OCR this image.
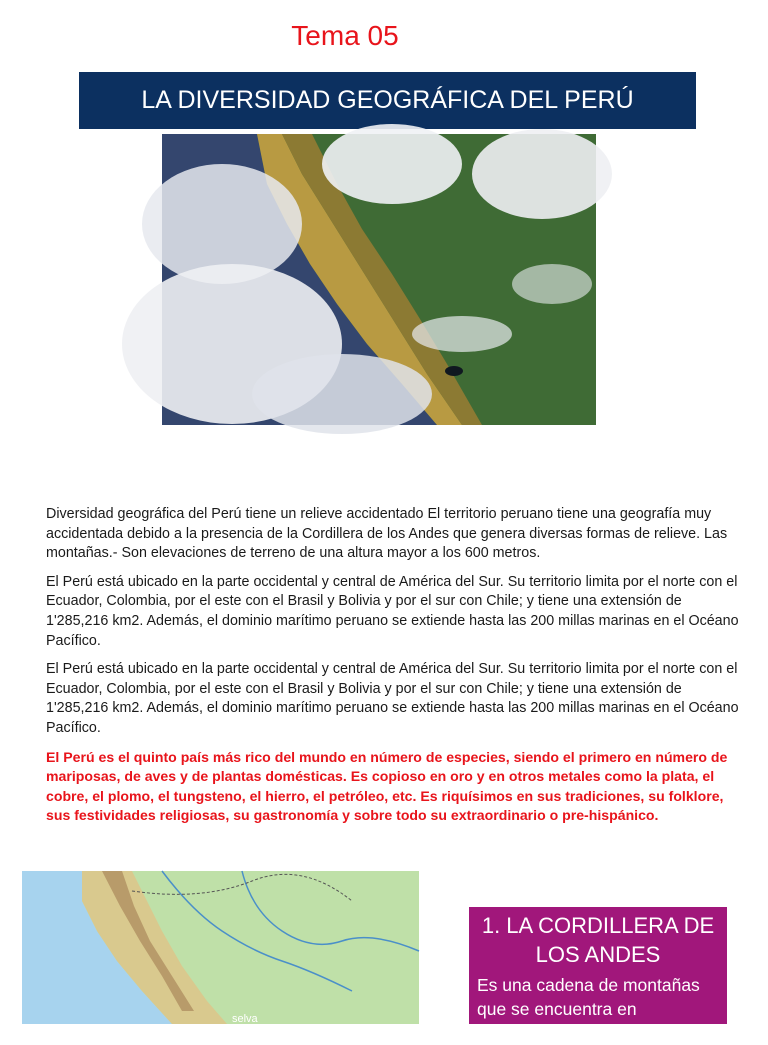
Tema 05
LA DIVERSIDAD GEOGRÁFICA DEL PERÚ

Diversidad geográfica del Perú tiene un relieve accidentado El territorio peruano tiene una geografía muy accidentada debido a la presencia de la Cordillera de los Andes que genera diversas formas de relieve. Las montañas.- Son elevaciones de terreno de una altura mayor a los 600 metros.

El Perú está ubicado en la parte occidental y central de América del Sur. Su territorio limita por el norte con el Ecuador, Colombia, por el este con el Brasil y Bolivia y por el sur con Chile; y tiene una extensión de 1'285,216 km2. Además, el dominio marítimo peruano se extiende hasta las 200 millas marinas en el Océano Pacífico.

El Perú está ubicado en la parte occidental y central de América del Sur. Su territorio limita por el norte con el Ecuador, Colombia, por el este con el Brasil y Bolivia y por el sur con Chile; y tiene una extensión de 1'285,216 km2. Además, el dominio marítimo peruano se extiende hasta las 200 millas marinas en el Océano Pacífico.

El Perú es el quinto país más rico del mundo en número de especies, siendo el primero en número de mariposas, de aves y de plantas domésticas. Es copioso en oro y en otros metales como la plata, el cobre, el plomo, el tungsteno, el hierro, el petróleo, etc. Es riquísimos en sus tradiciones, su folklore, sus festividades religiosas, su gastronomía y sobre todo su extraordinario o pre-hispánico.

selva
1. LA CORDILLERA DE LOS ANDES
Es una cadena de montañas que se encuentra en Sudamérica
